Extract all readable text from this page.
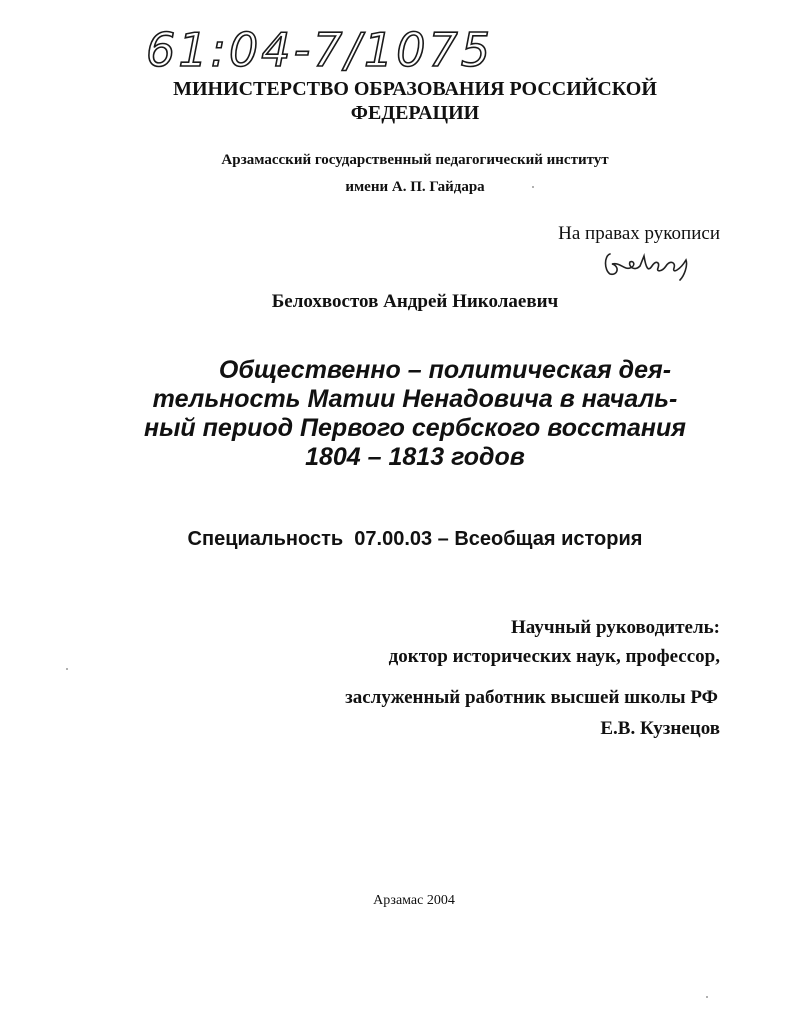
61:04-7/1075
МИНИСТЕРСТВО ОБРАЗОВАНИЯ РОССИЙСКОЙ
ФЕДЕРАЦИИ
Арзамасский государственный педагогический институт
имени А. П. Гайдара
На правах рукописи
Белохвостов Андрей Николаевич
Общественно – политическая дея-
тельность Матии Ненадовича в началь-
ный период Первого сербского восстания
1804 – 1813 годов
Специальность  07.00.03 – Всеобщая история
Научный руководитель:
доктор исторических наук, профессор,
заслуженный работник высшей школы РФ
Е.В. Кузнецов
Арзамас 2004
